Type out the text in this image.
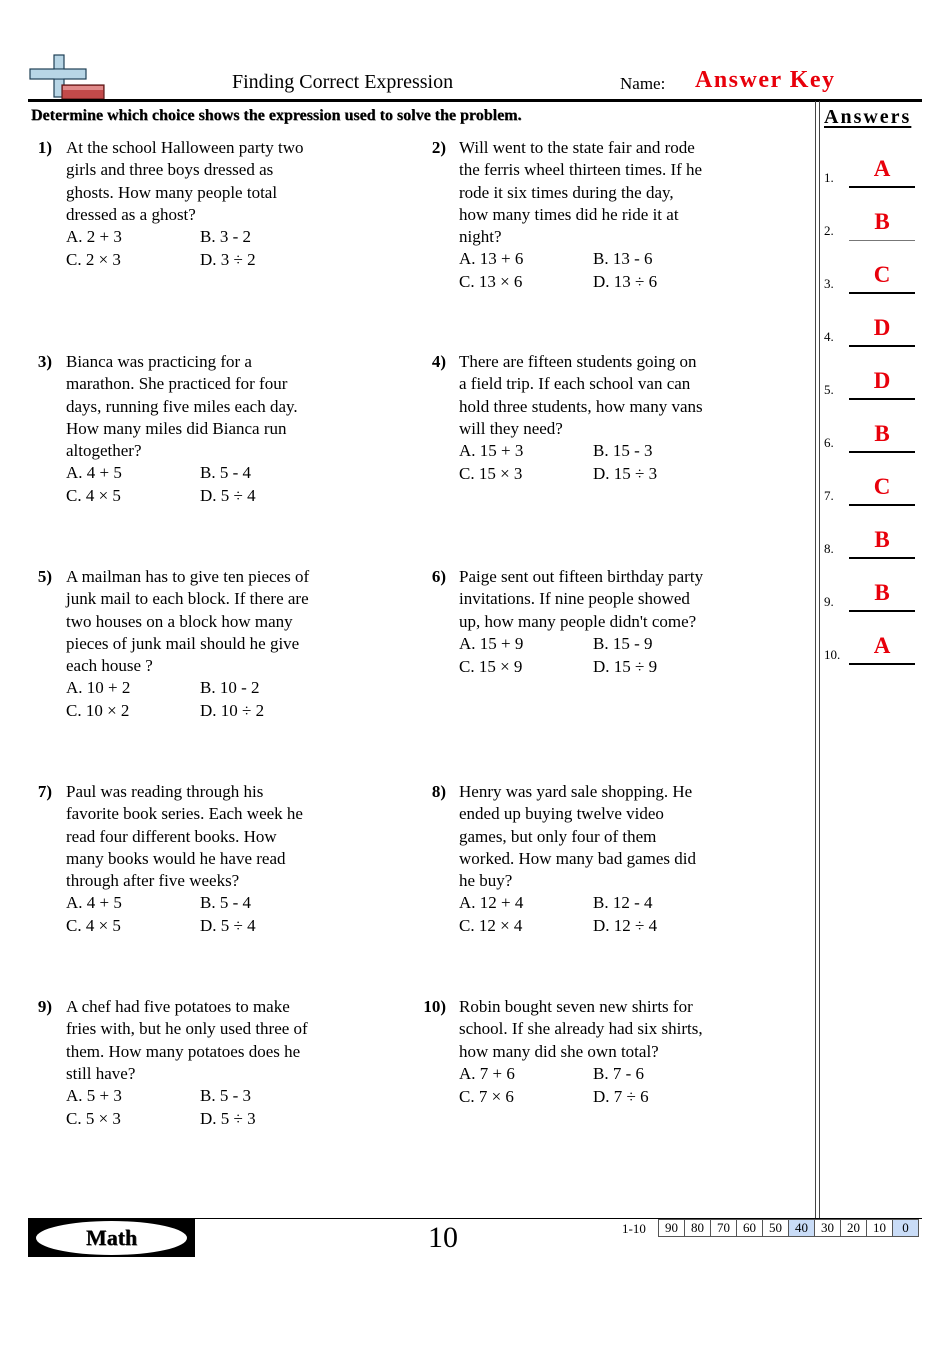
Finding Correct Expression	Name: Answer Key
Determine which choice shows the expression used to solve the problem.	Answers
1.	A
2.	B
3.	C
4.	D
5.	D
6.	B
7.	C
8.	B
9.	B
10.	A
1) At the school Halloween party two
girls and three boys dressed as
ghosts. How many people total
dressed as a ghost?
A. 2 + 3	B. 3 - 2
C. 2 × 3	D. 3 ÷ 2
2) Will went to the state fair and rode
the ferris wheel thirteen times. If he
rode it six times during the day,
how many times did he ride it at
night?
A. 13 + 6	B. 13 - 6
C. 13 × 6	D. 13 ÷ 6
3) Bianca was practicing for a
marathon. She practiced for four
days, running five miles each day.
How many miles did Bianca run
altogether?
A. 4 + 5	B. 5 - 4
C. 4 × 5	D. 5 ÷ 4
4) There are fifteen students going on
a field trip. If each school van can
hold three students, how many vans
will they need?
A. 15 + 3	B. 15 - 3
C. 15 × 3	D. 15 ÷ 3
5) A mailman has to give ten pieces of
junk mail to each block. If there are
two houses on a block how many
pieces of junk mail should he give
each house ?
A. 10 + 2	B. 10 - 2
C. 10 × 2	D. 10 ÷ 2
6) Paige sent out fifteen birthday party
invitations. If nine people showed
up, how many people didn't come?
A. 15 + 9	B. 15 - 9
C. 15 × 9	D. 15 ÷ 9
7) Paul was reading through his
favorite book series. Each week he
read four different books. How
many books would he have read
through after five weeks?
A. 4 + 5	B. 5 - 4
C. 4 × 5	D. 5 ÷ 4
8) Henry was yard sale shopping. He
ended up buying twelve video
games, but only four of them
worked. How many bad games did
he buy?
A. 12 + 4	B. 12 - 4
C. 12 × 4	D. 12 ÷ 4
9) A chef had five potatoes to make
fries with, but he only used three of
them. How many potatoes does he
still have?
A. 5 + 3	B. 5 - 3
C. 5 × 3	D. 5 ÷ 3
10) Robin bought seven new shirts for
school. If she already had six shirts,
how many did she own total?
A. 7 + 6	B. 7 - 6
C. 7 × 6	D. 7 ÷ 6
Math	10	1-10 90	80	70	60	50	40	30	20	10	0
